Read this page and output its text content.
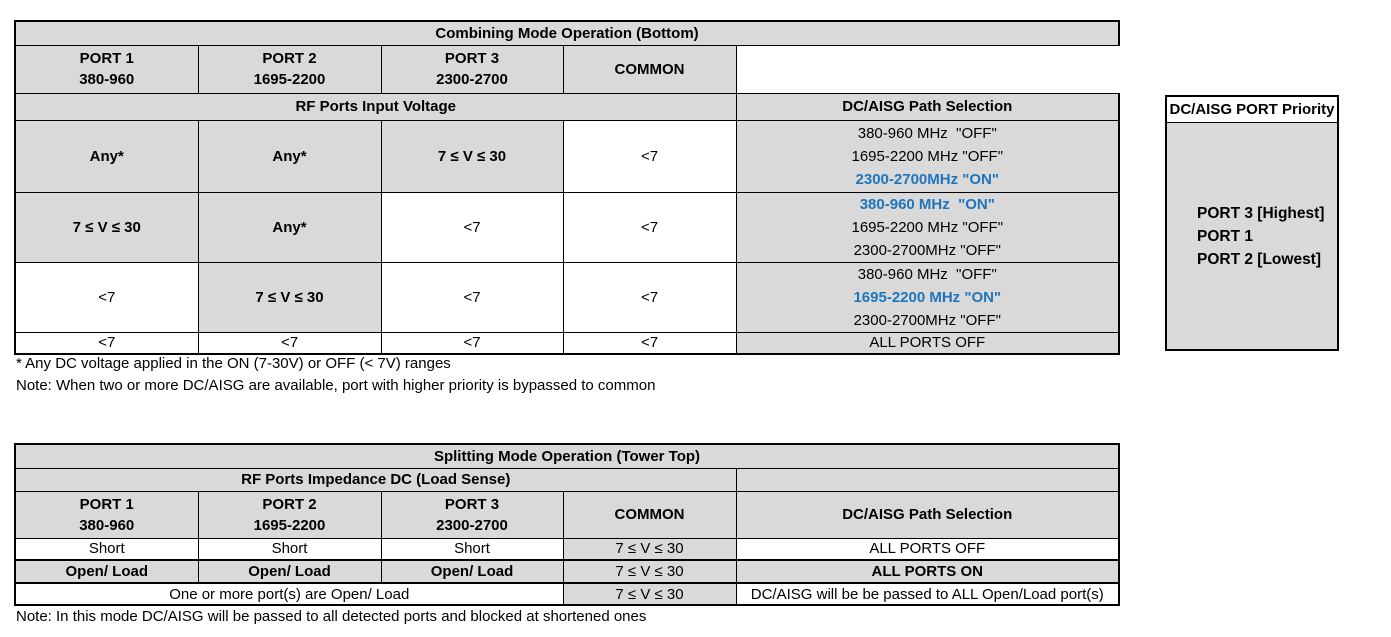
Combining Mode Operation (Bottom)				

PORT 1
380-960

PORT 2
1695-2200

PORT 3
2300-2700
	COMMON	
RF Ports Input Voltage				DC/AISG Path Selection
Any*	Any*	7 ≤ V ≤ 30	<7	380-960 MHz  "OFF"
1695-2200 MHz "OFF"
2300-2700MHz "ON"

7 ≤ V ≤ 30	Any*	<7	<7	380-960 MHz  "ON"
1695-2200 MHz "OFF"
2300-2700MHz "OFF"

<7	7 ≤ V ≤ 30	<7	<7	380-960 MHz  "OFF"
1695-2200 MHz "ON"
2300-2700MHz "OFF"

<7	<7	<7	<7	ALL PORTS OFF
* Any DC voltage applied in the ON (7-30V) or OFF (< 7V) ranges
Note: When two or more DC/AISG are available, port with higher priority is bypassed to common
DC/AISG PORT Priority
PORT 3 [Highest]
PORT 1
PORT 2 [Lowest]
Splitting Mode Operation (Tower Top)				
RF Ports Impedance DC (Load Sense)				

PORT 1
380-960

PORT 2
1695-2200

PORT 3
2300-2700
	COMMON	DC/AISG Path Selection
Short	Short	Short	7 ≤ V ≤ 30	ALL PORTS OFF
Open/ Load	Open/ Load	Open/ Load	7 ≤ V ≤ 30	ALL PORTS ON
One or more port(s) are Open/ Load			7 ≤ V ≤ 30	DC/AISG will be be passed to ALL Open/Load port(s)
Note: In this mode DC/AISG will be passed to all detected ports and blocked at shortened ones
